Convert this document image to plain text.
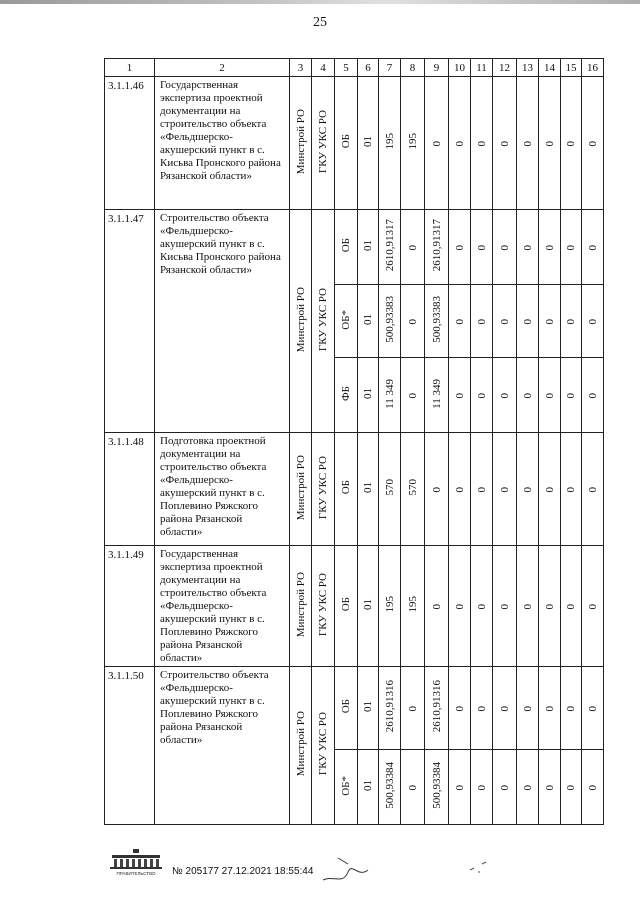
25
1	2	3	4	5	6	7	8	9	10	11	12	13	14	15	16
3.1.1.46	Государственная экспертиза проектной документации на строительство объекта «Фельдшерско-акушерский пункт в с. Кисьва Пронского района Рязанской области»	Минстрой РО	ГКУ УКС РО	ОБ	01	195	195	0	0	0	0	0	0	0	0
3.1.1.47	Строительство объекта «Фельдшерско-акушерский пункт в с. Кисьва Пронского района Рязанской области»	Минстрой РО	ГКУ УКС РО	ОБ	01	2610,91317	0	2610,91317	0	0	0	0	0	0	0
				ОБ*	01	500,93383	0	500,93383	0	0	0	0	0	0	0
				ФБ	01	11 349	0	11 349	0	0	0	0	0	0	0
3.1.1.48	Подготовка проектной документации на строительство объекта «Фельдшерско-акушерский пункт в с. Поплевино Ряжского района Рязанской области»	Минстрой РО	ГКУ УКС РО	ОБ	01	570	570	0	0	0	0	0	0	0	0
3.1.1.49	Государственная экспертиза проектной документации на строительство объекта «Фельдшерско-акушерский пункт в с. Поплевино Ряжского района Рязанской области»	Минстрой РО	ГКУ УКС РО	ОБ	01	195	195	0	0	0	0	0	0	0	0
3.1.1.50	Строительство объекта «Фельдшерско-акушерский пункт в с. Поплевино Ряжского района Рязанской области»	Минстрой РО	ГКУ УКС РО	ОБ	01	2610,91316	0	2610,91316	0	0	0	0	0	0	0
				ОБ*	01	500,93384	0	500,93384	0	0	0	0	0	0	0
ПРАВИТЕЛЬСТВО № 205177 27.12.2021 18:55:44
